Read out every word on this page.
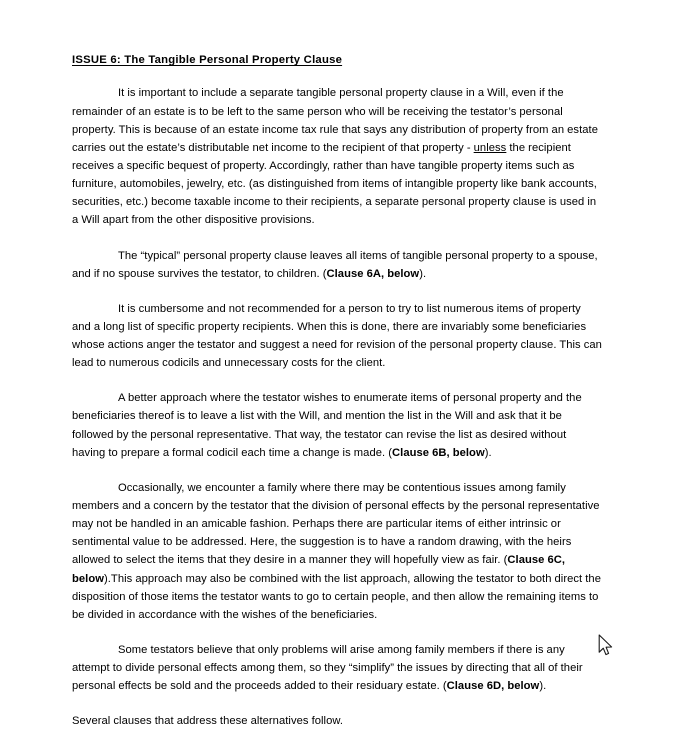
ISSUE 6: The Tangible Personal Property Clause

It is important to include a separate tangible personal property clause in a Will, even if the remainder of an estate is to be left to the same person who will be receiving the testator’s personal property. This is because of an estate income tax rule that says any distribution of property from an estate carries out the estate’s distributable net income to the recipient of that property - unless the recipient receives a specific bequest of property. Accordingly, rather than have tangible property items such as furniture, automobiles, jewelry, etc. (as distinguished from items of intangible property like bank accounts, securities, etc.) become taxable income to their recipients, a separate personal property clause is used in a Will apart from the other dispositive provisions.

The “typical” personal property clause leaves all items of tangible personal property to a spouse, and if no spouse survives the testator, to children. (Clause 6A, below).

It is cumbersome and not recommended for a person to try to list numerous items of property and a long list of specific property recipients. When this is done, there are invariably some beneficiaries whose actions anger the testator and suggest a need for revision of the personal property clause. This can lead to numerous codicils and unnecessary costs for the client.

A better approach where the testator wishes to enumerate items of personal property and the beneficiaries thereof is to leave a list with the Will, and mention the list in the Will and ask that it be followed by the personal representative. That way, the testator can revise the list as desired without having to prepare a formal codicil each time a change is made. (Clause 6B, below).

Occasionally, we encounter a family where there may be contentious issues among family members and a concern by the testator that the division of personal effects by the personal representative may not be handled in an amicable fashion. Perhaps there are particular items of either intrinsic or sentimental value to be addressed. Here, the suggestion is to have a random drawing, with the heirs allowed to select the items that they desire in a manner they will hopefully view as fair. (Clause 6C, below).This approach may also be combined with the list approach, allowing the testator to both direct the disposition of those items the testator wants to go to certain people, and then allow the remaining items to be divided in accordance with the wishes of the beneficiaries.

Some testators believe that only problems will arise among family members if there is any attempt to divide personal effects among them, so they “simplify” the issues by directing that all of their personal effects be sold and the proceeds added to their residuary estate. (Clause 6D, below).

Several clauses that address these alternatives follow.
